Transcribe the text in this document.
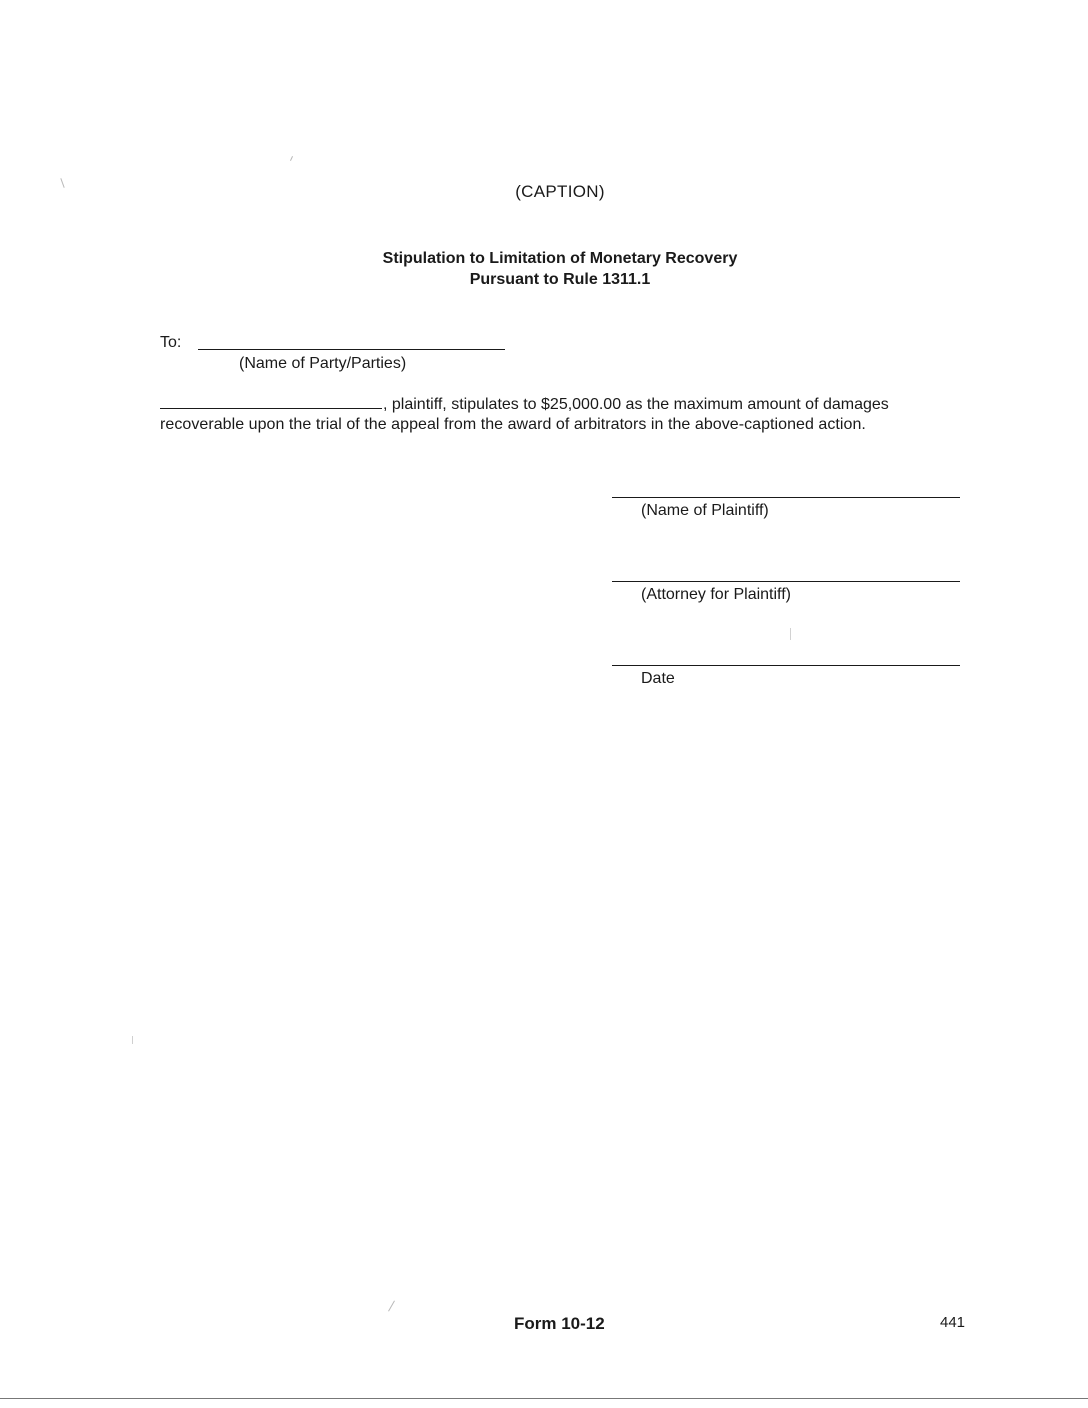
(CAPTION)
Stipulation to Limitation of Monetary Recovery
Pursuant to Rule 1311.1
To:
(Name of Party/Parties)
, plaintiff, stipulates to $25,000.00 as the maximum amount of damages
recoverable upon the trial of the appeal from the award of arbitrators in the above-captioned action.
(Name of Plaintiff)
(Attorney for Plaintiff)
Date
Form 10-12	441
